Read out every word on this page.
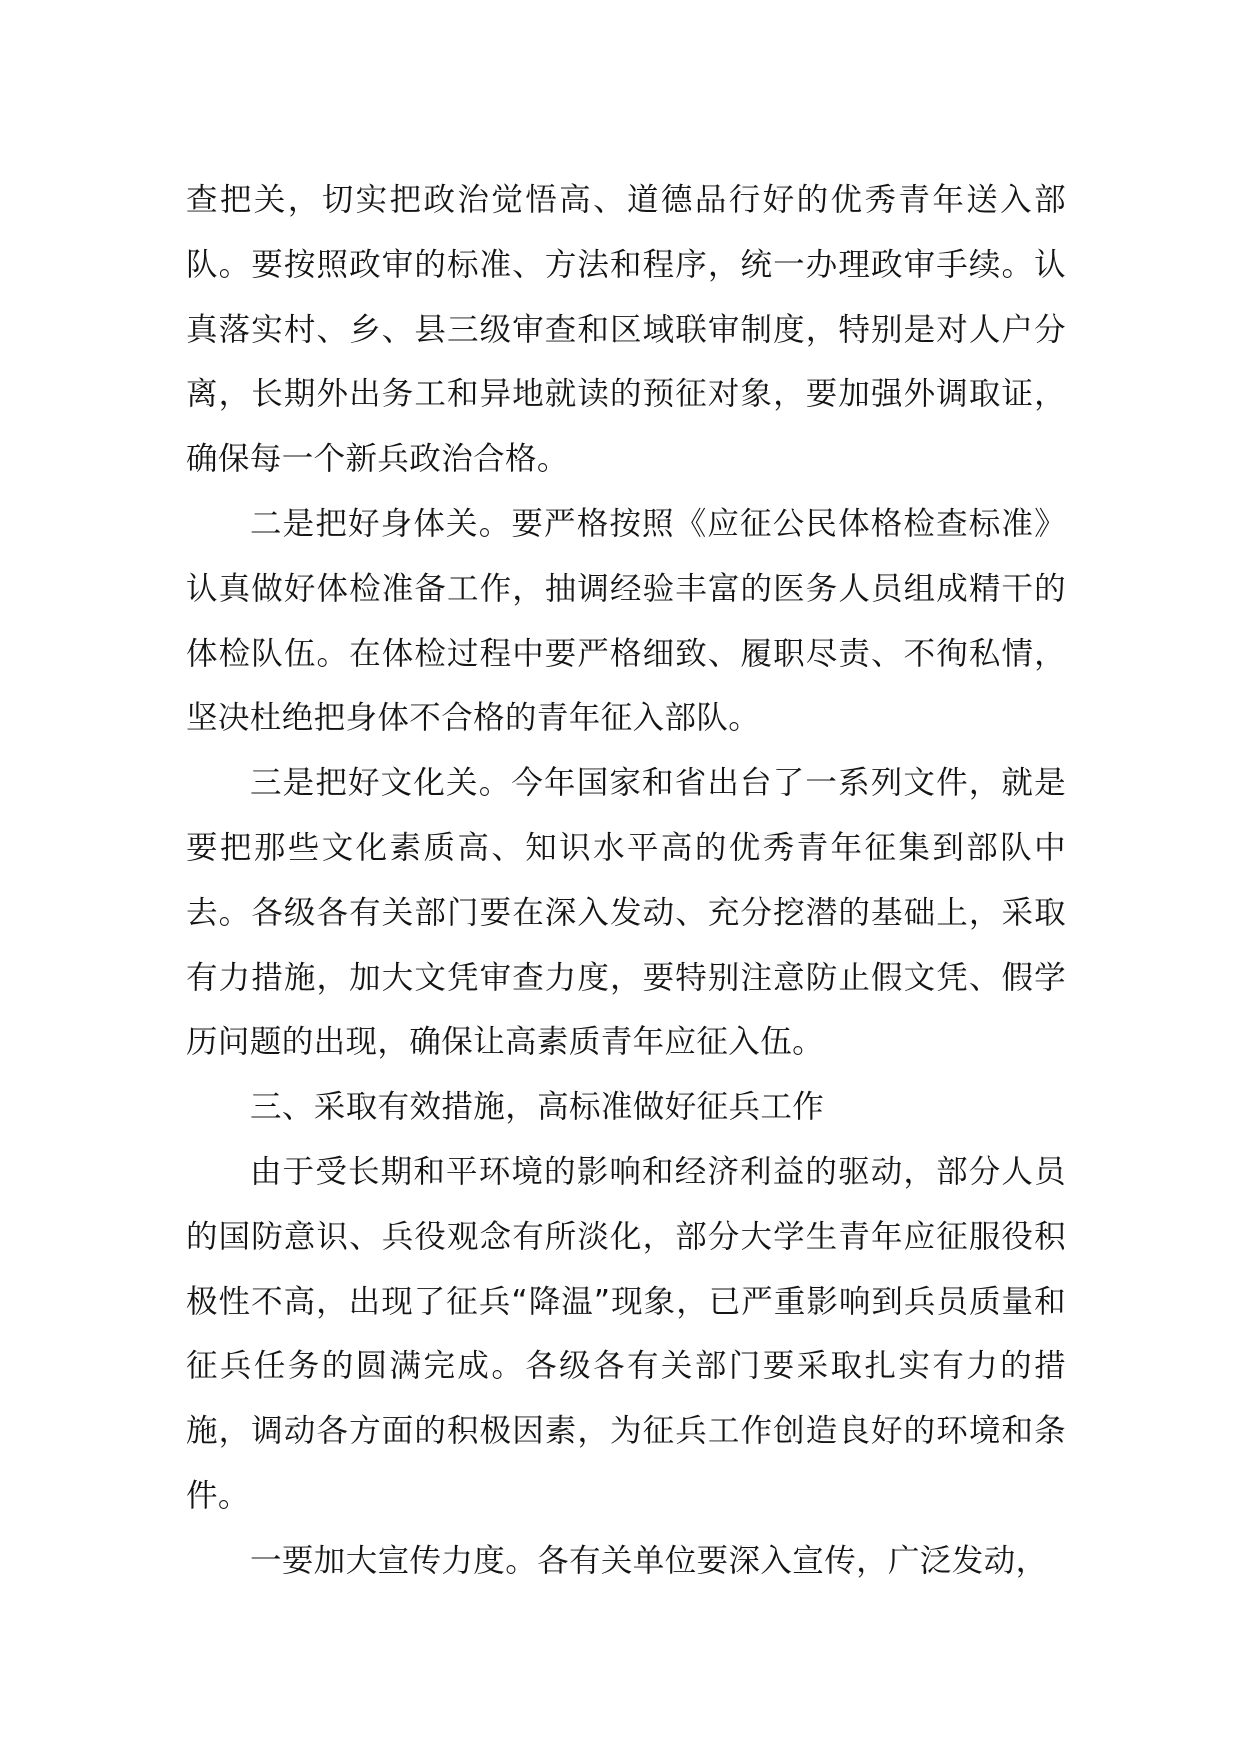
查把关，切实把政治觉悟高、道德品行好的优秀青年送入部队。要按照政审的标准、方法和程序，统一办理政审手续。认真落实村、乡、县三级审查和区域联审制度，特别是对人户分离，长期外出务工和异地就读的预征对象，要加强外调取证，确保每一个新兵政治合格。

二是把好身体关。要严格按照《应征公民体格检查标准》认真做好体检准备工作，抽调经验丰富的医务人员组成精干的体检队伍。在体检过程中要严格细致、履职尽责、不徇私情，坚决杜绝把身体不合格的青年征入部队。

三是把好文化关。今年国家和省出台了一系列文件，就是要把那些文化素质高、知识水平高的优秀青年征集到部队中去。各级各有关部门要在深入发动、充分挖潜的基础上，采取有力措施，加大文凭审查力度，要特别注意防止假文凭、假学历问题的出现，确保让高素质青年应征入伍。

三、采取有效措施，高标准做好征兵工作

由于受长期和平环境的影响和经济利益的驱动，部分人员的国防意识、兵役观念有所淡化，部分大学生青年应征服役积极性不高，出现了征兵“降温”现象，已严重影响到兵员质量和征兵任务的圆满完成。各级各有关部门要采取扎实有力的措施，调动各方面的积极因素，为征兵工作创造良好的环境和条件。

一要加大宣传力度。各有关单位要深入宣传，广泛发动，
